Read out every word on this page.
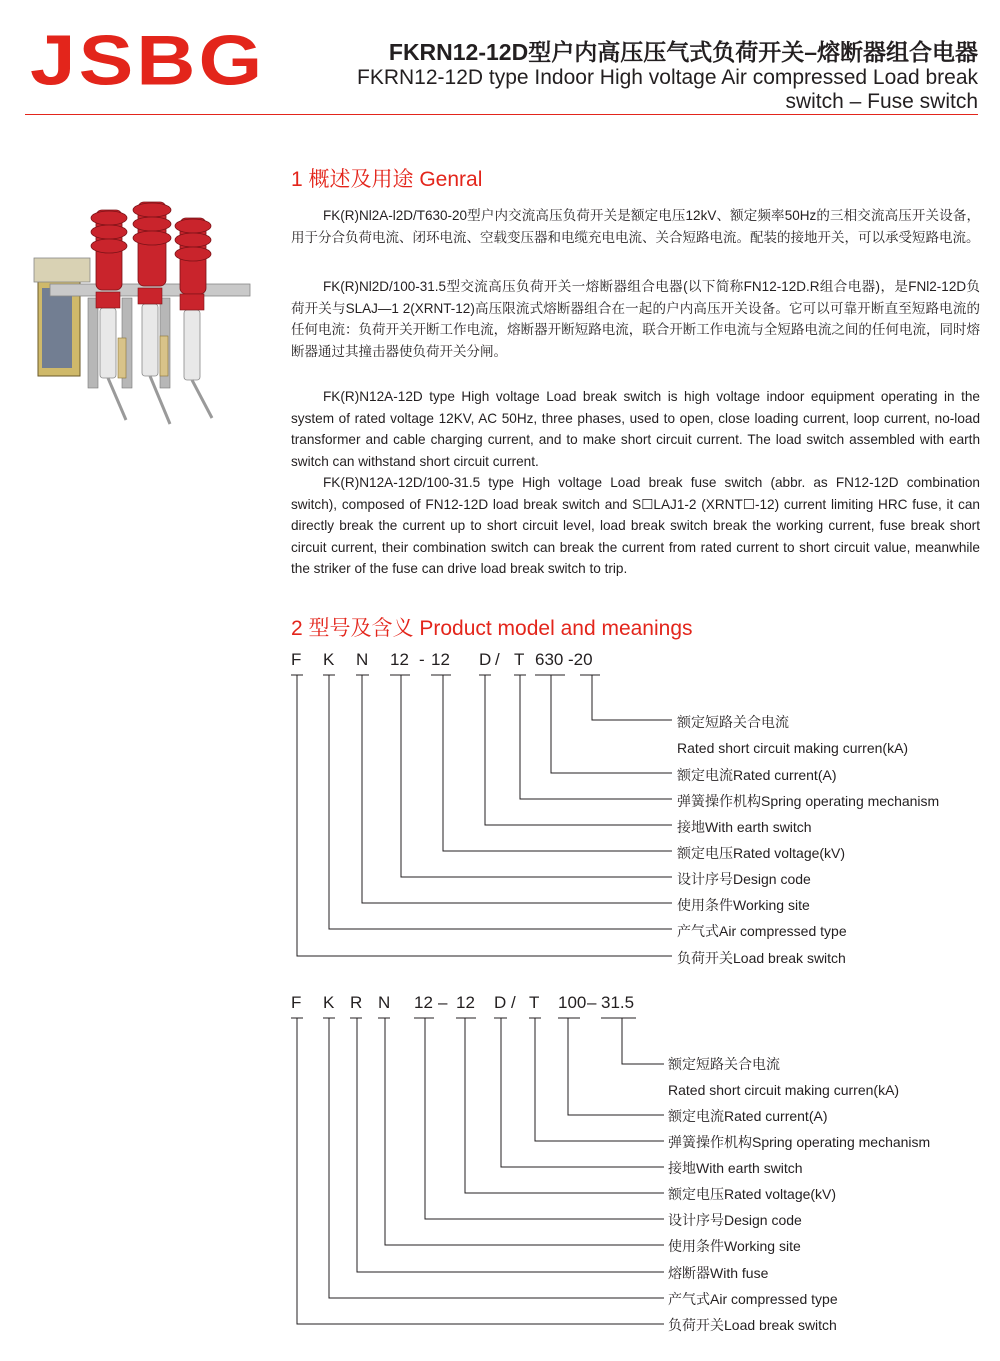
JSBG	FKRN12-12D型户内高压压气式负荷开关–熔断器组合电器
FKRN12-12D type Indoor High voltage Air compressed Load break
switch – Fuse switch
1 概述及用途 Genral

FK(R)Nl2A-l2D/T630-20型户内交流高压负荷开关是额定电压12kV、额定频率50Hz的三相交流高压开关设备，用于分合负荷电流、闭环电流、空载变压器和电缆充电电流、关合短路电流。配装的接地开关，可以承受短路电流。

FK(R)Nl2D/100-31.5型交流高压负荷开关一熔断器组合电器(以下简称FN12-12D.R组合电器)，是FNl2-12D负荷开关与SLAJ—1 2(XRNT-12)高压限流式熔断器组合在一起的户内高压开关设备。它可以可靠开断直至短路电流的任何电流：负荷开关开断工作电流，熔断器开断短路电流，联合开断工作电流与全短路电流之间的任何电流，同时熔断器通过其撞击器使负荷开关分闸。

FK(R)N12A-12D type High voltage Load break switch is high voltage indoor equipment operating in the system of rated voltage 12KV, AC 50Hz, three phases, used to open, close loading current, loop current, no-load transformer and cable charging current, and to make short circuit current. The load switch assembled with earth switch can withstand short circuit current.

FK(R)N12A-12D/100-31.5 type High voltage Load break fuse switch (abbr. as FN12-12D combination switch), composed of FN12-12D load break switch and S☐LAJ1-2 (XRNT☐-12) current limiting HRC fuse, it can directly break the current up to short circuit level, load break switch break the working current, fuse break short circuit current, their combination switch can break the current from rated current to short circuit value, meanwhile the striker of the fuse can drive load break switch to trip.

2 型号及含义 Product model and meanings
F K N 12 - 12 D / T 630 -20
额定短路关合电流
Rated short circuit making curren(kA)
额定电流Rated current(A)
弹簧操作机构Spring operating mechanism
接地With earth switch
额定电压Rated voltage(kV)
设计序号Design code
使用条件Working site
产气式Air compressed type
负荷开关Load break switch
F K R N 12 – 12 D / T 100 – 31.5
额定短路关合电流
Rated short circuit making curren(kA)
额定电流Rated current(A)
弹簧操作机构Spring operating mechanism
接地With earth switch
额定电压Rated voltage(kV)
设计序号Design code
使用条件Working site
熔断器With fuse
产气式Air compressed type
负荷开关Load break switch
